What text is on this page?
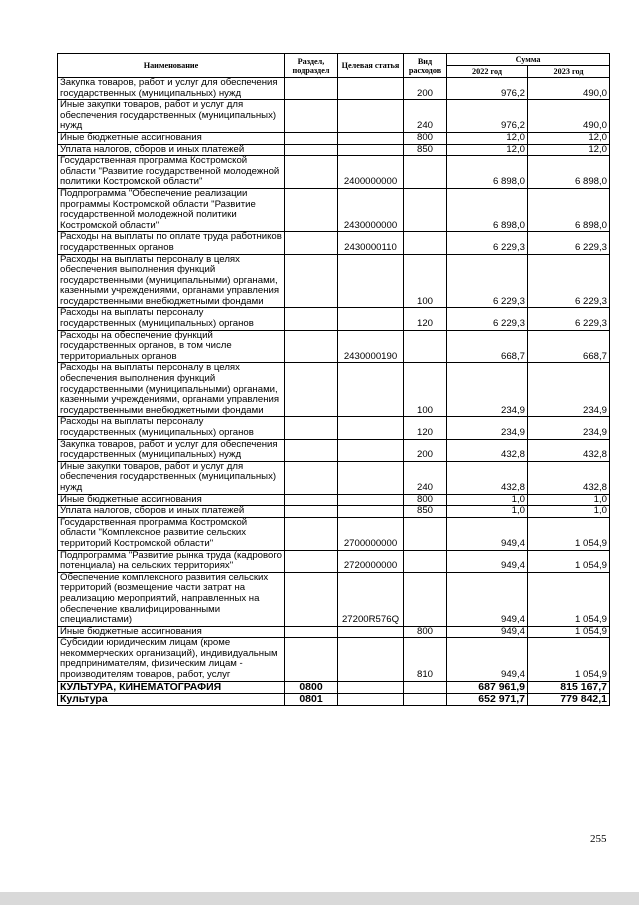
Наименование	Раздел, подраздел	Целевая статья	Вид расходов	Сумма	
				2022 год	2023 год
Закупка товаров, работ и услуг для обеспечения государственных (муниципальных) нужд			200	976,2	490,0
Иные закупки товаров, работ и услуг для обеспечения государственных (муниципальных) нужд			240	976,2	490,0
Иные бюджетные ассигнования			800	12,0	12,0
Уплата налогов, сборов и иных платежей			850	12,0	12,0
Государственная программа Костромской области "Развитие государственной молодежной политики Костромской области"		2400000000		6 898,0	6 898,0
Подпрограмма "Обеспечение реализации программы Костромской области "Развитие государственной молодежной политики Костромской области"		2430000000		6 898,0	6 898,0
Расходы на выплаты по оплате труда работников государственных органов		2430000110		6 229,3	6 229,3
Расходы на выплаты персоналу в целях обеспечения выполнения функций государственными (муниципальными) органами, казенными учреждениями, органами управления государственными внебюджетными фондами			100	6 229,3	6 229,3
Расходы на выплаты персоналу государственных (муниципальных) органов			120	6 229,3	6 229,3
Расходы на обеспечение функций государственных органов, в том числе территориальных органов		2430000190		668,7	668,7
Расходы на выплаты персоналу в целях обеспечения выполнения функций государственными (муниципальными) органами, казенными учреждениями, органами управления государственными внебюджетными фондами			100	234,9	234,9
Расходы на выплаты персоналу государственных (муниципальных) органов			120	234,9	234,9
Закупка товаров, работ и услуг для обеспечения государственных (муниципальных) нужд			200	432,8	432,8
Иные закупки товаров, работ и услуг для обеспечения государственных (муниципальных) нужд			240	432,8	432,8
Иные бюджетные ассигнования			800	1,0	1,0
Уплата налогов, сборов и иных платежей			850	1,0	1,0
Государственная программа Костромской области "Комплексное развитие сельских территорий Костромской области"		2700000000		949,4	1 054,9
Подпрограмма "Развитие рынка труда (кадрового потенциала) на сельских территориях"		2720000000		949,4	1 054,9
Обеспечение комплексного развития сельских территорий (возмещение части затрат на реализацию мероприятий, направленных на обеспечение квалифицированными специалистами)		27200R576Q		949,4	1 054,9
Иные бюджетные ассигнования			800	949,4	1 054,9
Субсидии юридическим лицам (кроме некоммерческих организаций), индивидуальным предпринимателям, физическим лицам - производителям товаров, работ, услуг			810	949,4	1 054,9
КУЛЬТУРА, КИНЕМАТОГРАФИЯ	0800			687 961,9	815 167,7
Культура	0801			652 971,7	779 842,1
255
